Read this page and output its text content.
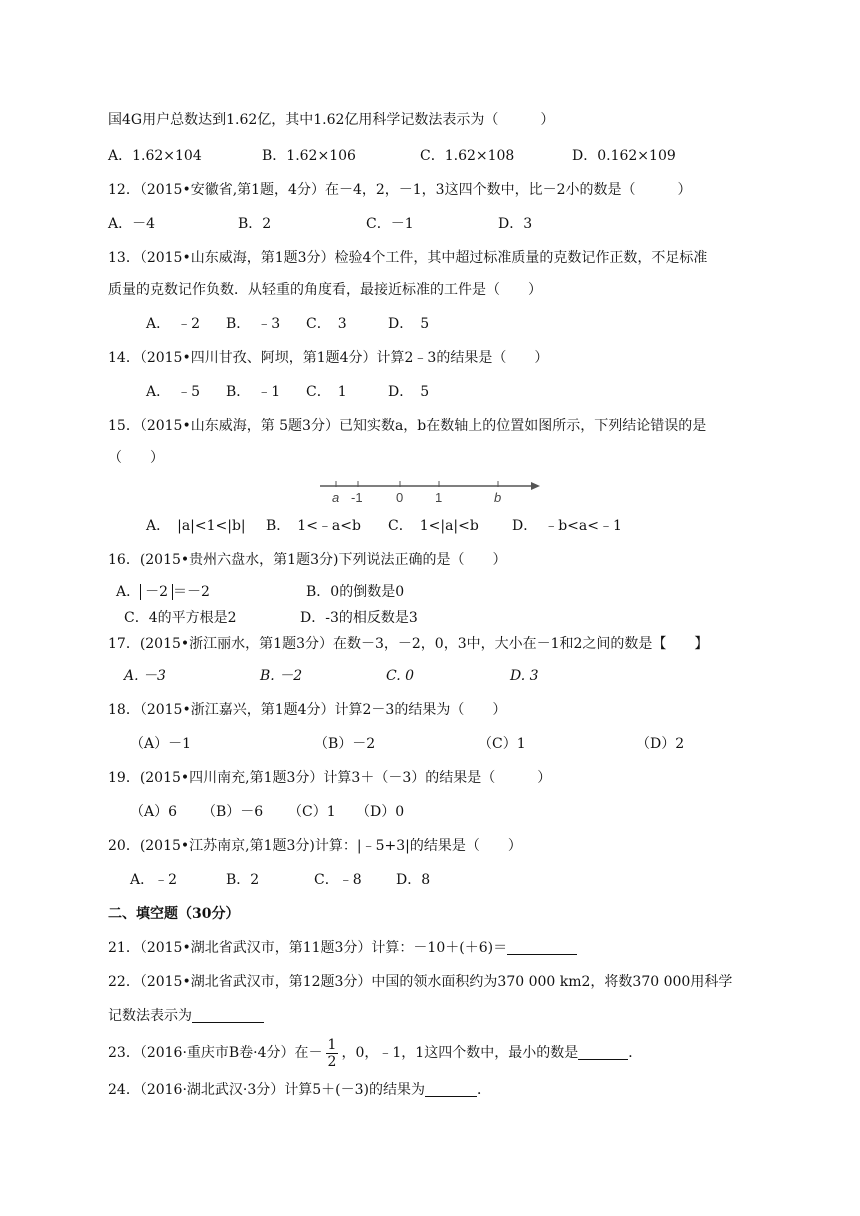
国4G用户总数达到1.62亿，其中1.62亿用科学记数法表示为（　　　）
A．1.62×104	B．1.62×106	C．1.62×108	D．0.162×109
12．（2015•安徽省,第1题，4分）在－4，2，－1，3这四个数中，比－2小的数是（　　　）
A．－4	B．2	C．－1	D．3
13．（2015•山东威海，第1题3分）检验4个工件，其中超过标准质量的克数记作正数，不足标准
质量的克数记作负数．从轻重的角度看，最接近标准的工件是（　　）
A．　﹣2 B．　﹣3 C．　3	D．　5
14．（2015•四川甘孜、阿坝，第1题4分）计算2﹣3的结果是（　　）
A．　﹣5 B．　﹣1 C．　1	D．　5
15．（2015•山东威海，第 5题3分）已知实数a，b在数轴上的位置如图所示，下列结论错误的是
（　　）
a -1	0 1	b
A．　|a|<1<|b| B．　1<﹣a<b C．　1<|a|<b D．　﹣b<a<﹣1
16．(2015•贵州六盘水，第1题3分)下列说法正确的是（　　）
A． －2 ＝－2	B．0的倒数是0
C．4的平方根是2	D．-3的相反数是3
17．(2015•浙江丽水，第1题3分）在数－3，－2，0，3中，大小在－1和2之间的数是【　　】
A. －3	B. －2	C. 0	D. 3
18．（2015•浙江嘉兴，第1题4分）计算2－3的结果为（　　）
（A）－1	（B）－2	（C）1	（D）2
19．(2015•四川南充,第1题3分）计算3＋（－3）的结果是（　　　）
（A）6 （B）－6 （C）1 （D）0
20．(2015•江苏南京,第1题3分)计算：|﹣5+3|的结果是（　　）
A．﹣2	B．2	C．﹣8 D．8
二、填空题（30分）
21．（2015•湖北省武汉市，第11题3分）计算：－10＋(＋6)＝
22．（2015•湖北省武汉市，第12题3分）中国的领水面积约为370 000 km2，将数370 000用科学
记数法表示为
23．（2016·重庆市B卷·4分）在－ $\frac{1}{2}$ ，0，﹣1，1这四个数中，最小的数是	．
24．（2016·湖北武汉·3分）计算5＋(－3)的结果为	．
